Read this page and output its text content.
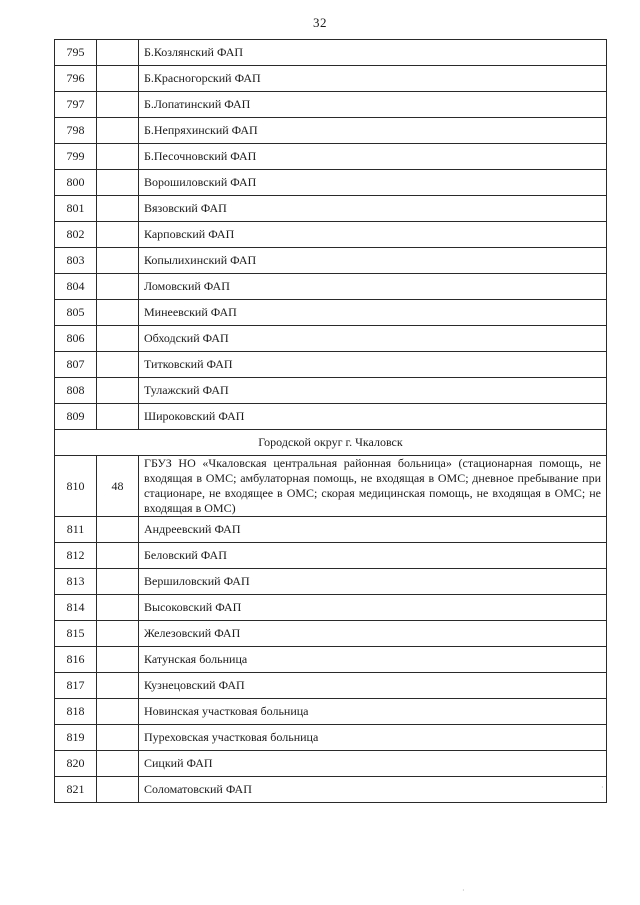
32
795		Б.Козлянский ФАП
796		Б.Красногорский ФАП
797		Б.Лопатинский ФАП
798		Б.Непряхинский ФАП
799		Б.Песочновский ФАП
800		Ворошиловский ФАП
801		Вязовский ФАП
802		Карповский ФАП
803		Копылихинский ФАП
804		Ломовский ФАП
805		Минеевский ФАП
806		Обходский ФАП
807		Титковский ФАП
808		Тулажский ФАП
809		Широковский ФАП
Городской округ г. Чкаловск		
810	48	ГБУЗ НО «Чкаловская центральная районная больница» (стационарная помощь, не входящая в ОМС; амбулаторная помощь, не входящая в ОМС; дневное пребывание при стационаре, не входящее в ОМС; скорая медицинская помощь, не входящая в ОМС; не входящая в ОМС)
811		Андреевский ФАП
812		Беловский ФАП
813		Вершиловский ФАП
814		Высоковский ФАП
815		Железовский ФАП
816		Катунская больница
817		Кузнецовский ФАП
818		Новинская участковая больница
819		Пуреховская участковая больница
820		Сицкий ФАП
821		Соломатовский ФАП	·
·
